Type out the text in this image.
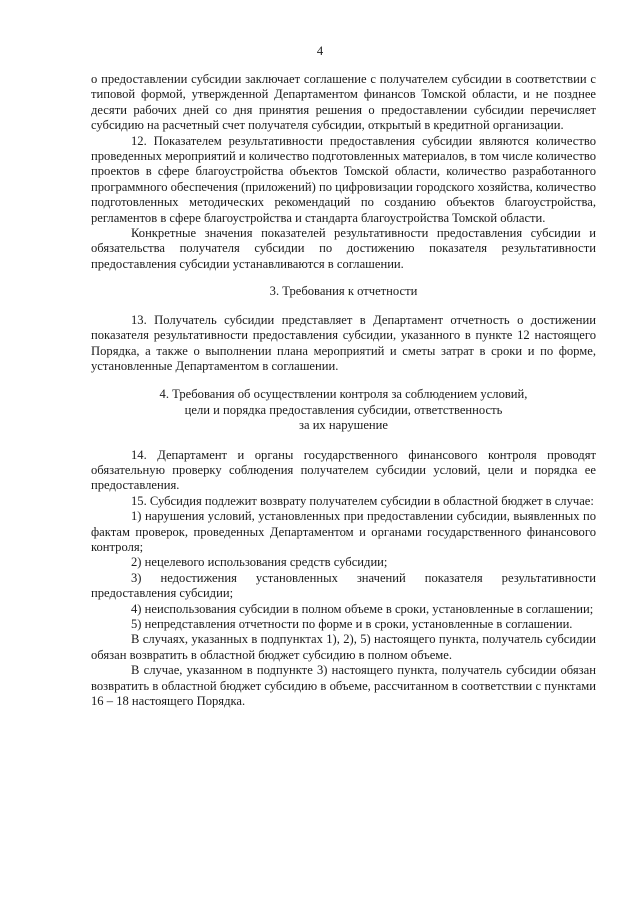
4

о предоставлении субсидии заключает соглашение с получателем субсидии в соответствии с типовой формой, утвержденной Департаментом финансов Томской области, и не позднее десяти рабочих дней со дня принятия решения о предоставлении субсидии перечисляет субсидию на расчетный счет получателя субсидии, открытый в кредитной организации.

12. Показателем результативности предоставления субсидии являются количество проведенных мероприятий и количество подготовленных материалов, в том числе количество проектов в сфере благоустройства объектов Томской области, количество разработанного программного обеспечения (приложений) по цифровизации городского хозяйства, количество подготовленных методических рекомендаций по созданию объектов благоустройства, регламентов в сфере благоустройства и стандарта благоустройства Томской области.

Конкретные значения показателей результативности предоставления субсидии и обязательства получателя субсидии по достижению показателя результативности предоставления субсидии устанавливаются в соглашении.

3. Требования к отчетности

13. Получатель субсидии представляет в Департамент отчетность о достижении показателя результативности предоставления субсидии, указанного в пункте 12 настоящего Порядка, а также о выполнении плана мероприятий и сметы затрат в сроки и по форме, установленные Департаментом в соглашении.

4. Требования об осуществлении контроля за соблюдением условий,
цели и порядка предоставления субсидии, ответственность
за их нарушение

14. Департамент и органы государственного финансового контроля проводят обязательную проверку соблюдения получателем субсидии условий, цели и порядка ее предоставления.

15. Субсидия подлежит возврату получателем субсидии в областной бюджет в случае:

1) нарушения условий, установленных при предоставлении субсидии, выявленных по фактам проверок, проведенных Департаментом и органами государственного финансового контроля;

2) нецелевого использования средств субсидии;

3) недостижения установленных значений показателя результативности предоставления субсидии;

4) неиспользования субсидии в полном объеме в сроки, установленные в соглашении;

5) непредставления отчетности по форме и в сроки, установленные в соглашении.

В случаях, указанных в подпунктах 1), 2), 5) настоящего пункта, получатель субсидии обязан возвратить в областной бюджет субсидию в полном объеме.

В случае, указанном в подпункте 3) настоящего пункта, получатель субсидии обязан возвратить в областной бюджет субсидию в объеме, рассчитанном в соответствии с пунктами 16 – 18 настоящего Порядка.
